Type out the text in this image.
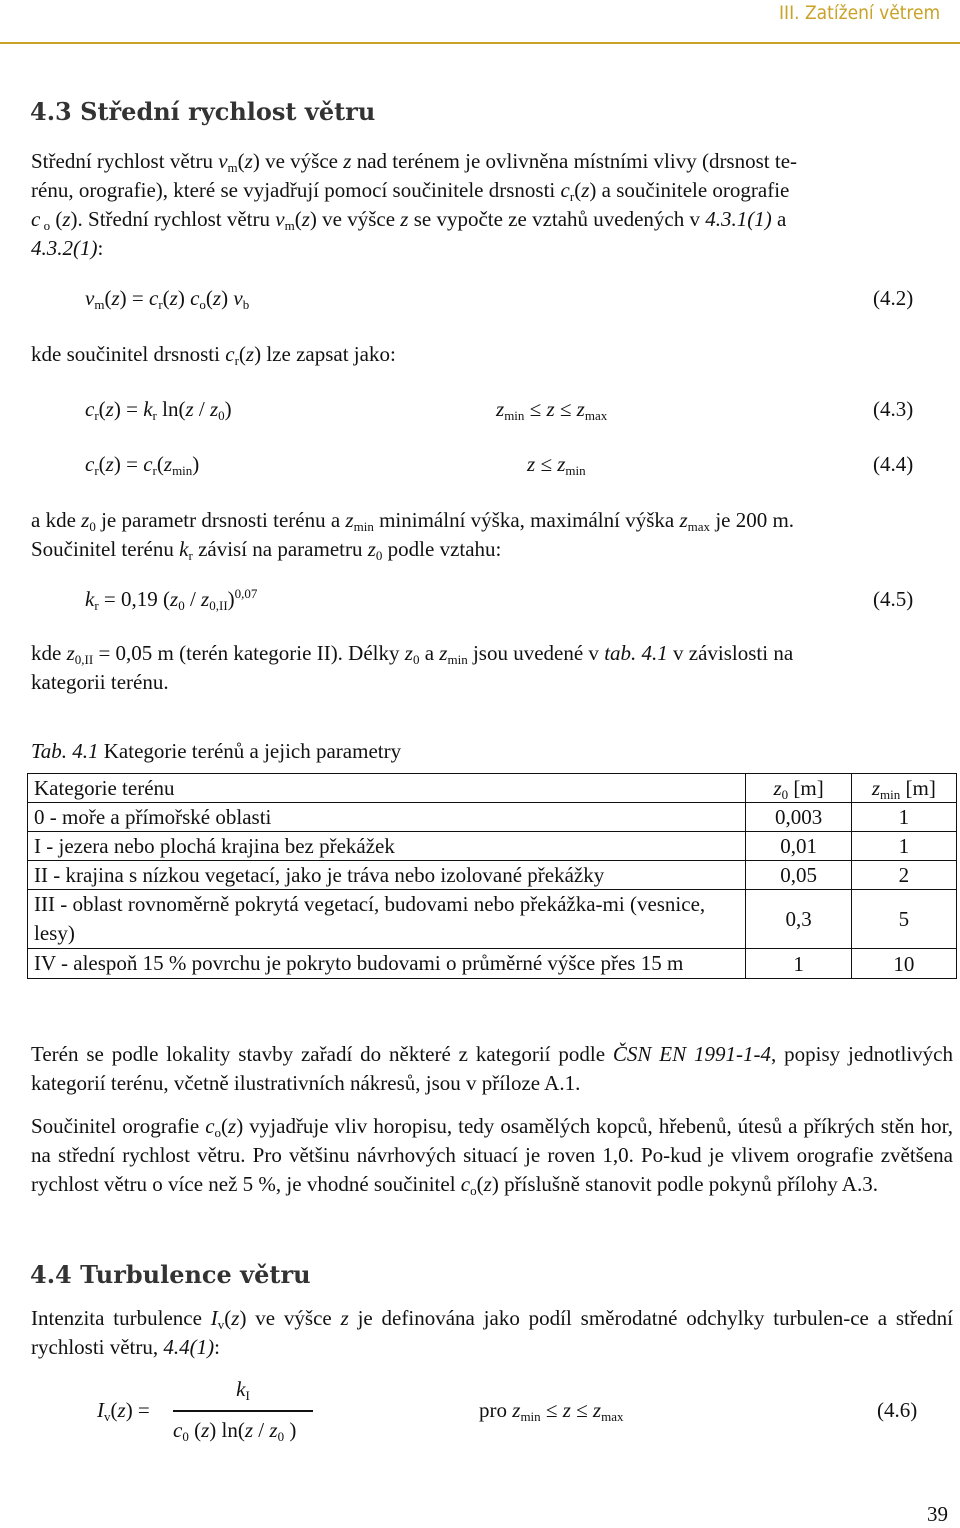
III. Zatížení větrem
4.3 Střední rychlost větru
Střední rychlost větru $v_m(z)$ ve výšce z nad terénem je ovlivněna místními vlivy (drsnost te-
rénu, orografie), které se vyjadřují pomocí součinitele drsnosti $c_r(z)$ a součinitele orografie
c $_o$ (z). Střední rychlost větru $v_m(z)$ ve výšce z se vypočte ze vztahů uvedených v 4.3.1(1) a
4.3.2(1):
$v_m(z) = c_r(z)$ $c_o(z)$ $v_b$	(4.2)
kde součinitel drsnosti $c_r(z)$ lze zapsat jako:
$c_r(z) = k_r$ $\ln(z / z_0)$	$z_{min} \le z \le z_{max}$	(4.3)
$c_r(z) = c_r(z_{min})$	$z \le z_{min}$	(4.4)
a kde $z_0$ je parametr drsnosti terénu a $z_{min}$ minimální výška, maximální výška $z_{max}$ je 200 m.
Součinitel terénu $k_r$ závisí na parametru $z_0$ podle vztahu:
$k_r = 0,19$ $(z_0 / z_{0,II})^{0,07}$	(4.5)
kde $z_{0,II} = 0,05$ m (terén kategorie II). Délky $z_0$ a $z_{min}$ jsou uvedené v tab. 4.1 v závislosti na
kategorii terénu.
Tab. 4.1 Kategorie terénů a jejich parametry
Kategorie terénu	$z_0$ [m]	$z_{min}$ [m]
0 - moře a přímořské oblasti	0,003	1
I - jezera nebo plochá krajina bez překážek	0,01	1
II - krajina s nízkou vegetací, jako je tráva nebo izolované překážky	0,05	2
III - oblast rovnoměrně pokrytá vegetací, budovami nebo překážka-mi (vesnice, lesy)	0,3	5
IV - alespoň 15 % povrchu je pokryto budovami o průměrné výšce přes 15 m	1	10
Terén se podle lokality stavby zařadí do některé z kategorií podle ČSN EN 1991-1-4, popisy jednotlivých kategorií terénu, včetně ilustrativních nákresů, jsou v příloze A.1.
Součinitel orografie $c_o(z)$ vyjadřuje vliv horopisu, tedy osamělých kopců, hřebenů, útesů a příkrých stěn hor, na střední rychlost větru. Pro většinu návrhových situací je roven 1,0. Po-kud je vlivem orografie zvětšena rychlost větru o více než 5 %, je vhodné součinitel $c_o(z)$ příslušně stanovit podle pokynů přílohy A.3.
4.4 Turbulence větru
Intenzita turbulence $I_v(z)$ ve výšce z je definována jako podíl směrodatné odchylky turbulen-ce a střední rychlosti větru, 4.4(1):
$I_v(z)$ =
$k_I$
$c_0$ (z) $\ln(z / z_0$ )
pro $z_{min} \le z \le z_{max}$	(4.6)
39
